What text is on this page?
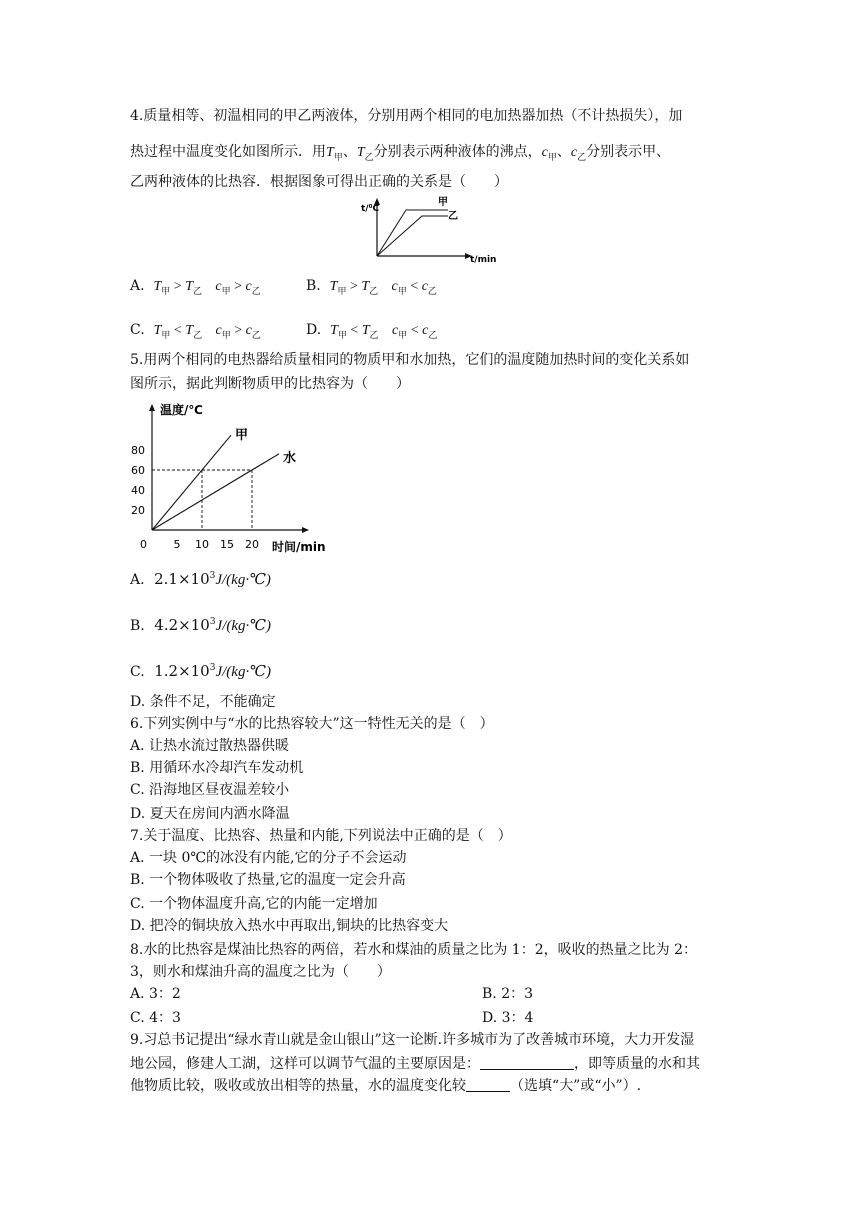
4.质量相等、初温相同的甲乙两液体，分别用两个相同的电加热器加热（不计热损失），加
热过程中温度变化如图所示．用$T_甲$、$T_乙$分别表示两种液体的沸点，$c_甲$、$c_乙$分别表示甲、
乙两种液体的比热容．根据图象可得出正确的关系是（　　）
t/⁰C
t/min
甲
乙
A. $T_甲 > T_乙$ $c_甲 > c_乙$	B. $T_甲 > T_乙$ $c_甲 < c_乙$
C. $T_甲 < T_乙$ $c_甲 > c_乙$	D. $T_甲 < T_乙$ $c_甲 < c_乙$
5.用两个相同的电热器给质量相同的物质甲和水加热，它们的温度随加热时间的变化关系如
图所示，据此判断物质甲的比热容为（　　）
温度/℃
时间/min
20
40
60
80
0 5 10 15 20
甲
水
A. $2.1\times 10^3J/(kg\cdot℃)$
B. $4.2\times 10^3J/(kg\cdot℃)$
C. $1.2\times 10^3J/(kg\cdot℃)$
D. 条件不足，不能确定
6.下列实例中与“水的比热容较大”这一特性无关的是（　）
A. 让热水流过散热器供暖
B. 用循环水冷却汽车发动机
C. 沿海地区昼夜温差较小
D. 夏天在房间内洒水降温
7.关于温度、比热容、热量和内能,下列说法中正确的是（　）
A. 一块 0℃的冰没有内能,它的分子不会运动
B. 一个物体吸收了热量,它的温度一定会升高
C. 一个物体温度升高,它的内能一定增加
D. 把冷的铜块放入热水中再取出,铜块的比热容变大
8.水的比热容是煤油比热容的两倍，若水和煤油的质量之比为 1：2，吸收的热量之比为 2：
3，则水和煤油升高的温度之比为（　　）
A. 3：2	B. 2：3
C. 4：3	D. 3：4
9.习总书记提出“绿水青山就是金山银山”这一论断.许多城市为了改善城市环境，大力开发湿
地公园，修建人工湖，这样可以调节气温的主要原因是：	，即等质量的水和其
他物质比较，吸收或放出相等的热量，水的温度变化较	（选填“大”或“小”）.
